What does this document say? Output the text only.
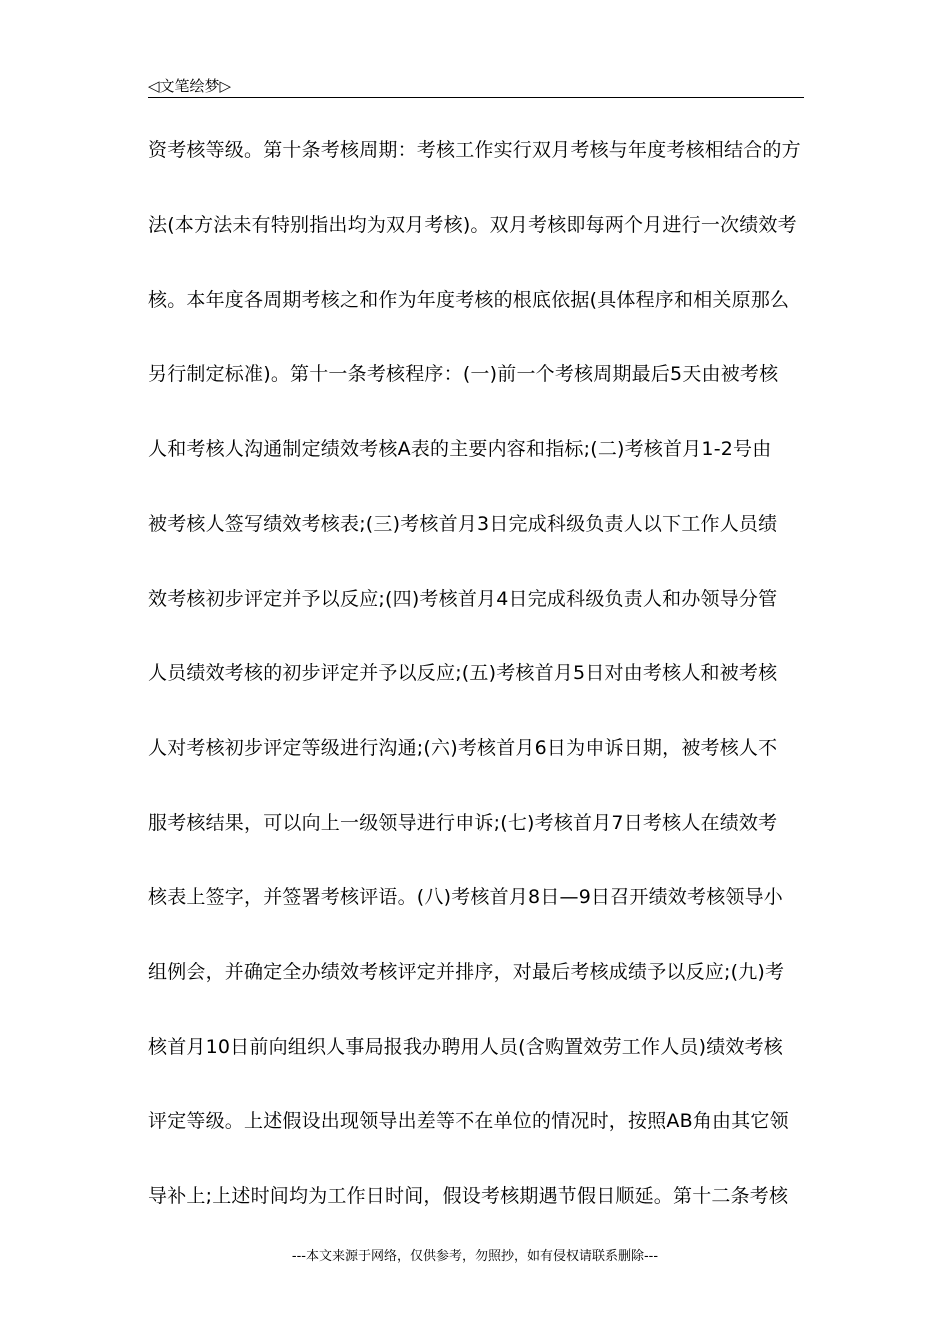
◁文笔绘梦▷
资考核等级。第十条考核周期：考核工作实行双月考核与年度考核相结合的方
法(本方法未有特别指出均为双月考核)。双月考核即每两个月进行一次绩效考
核。本年度各周期考核之和作为年度考核的根底依据(具体程序和相关原那么
另行制定标准)。第十一条考核程序：(一)前一个考核周期最后5天由被考核
人和考核人沟通制定绩效考核A表的主要内容和指标;(二)考核首月1-2号由
被考核人签写绩效考核表;(三)考核首月3日完成科级负责人以下工作人员绩
效考核初步评定并予以反应;(四)考核首月4日完成科级负责人和办领导分管
人员绩效考核的初步评定并予以反应;(五)考核首月5日对由考核人和被考核
人对考核初步评定等级进行沟通;(六)考核首月6日为申诉日期，被考核人不
服考核结果，可以向上一级领导进行申诉;(七)考核首月7日考核人在绩效考
核表上签字，并签署考核评语。(八)考核首月8日—9日召开绩效考核领导小
组例会，并确定全办绩效考核评定并排序，对最后考核成绩予以反应;(九)考
核首月10日前向组织人事局报我办聘用人员(含购置效劳工作人员)绩效考核
评定等级。上述假设出现领导出差等不在单位的情况时，按照AB角由其它领
导补上;上述时间均为工作日时间，假设考核期遇节假日顺延。第十二条考核
---本文来源于网络，仅供参考，勿照抄，如有侵权请联系删除---
